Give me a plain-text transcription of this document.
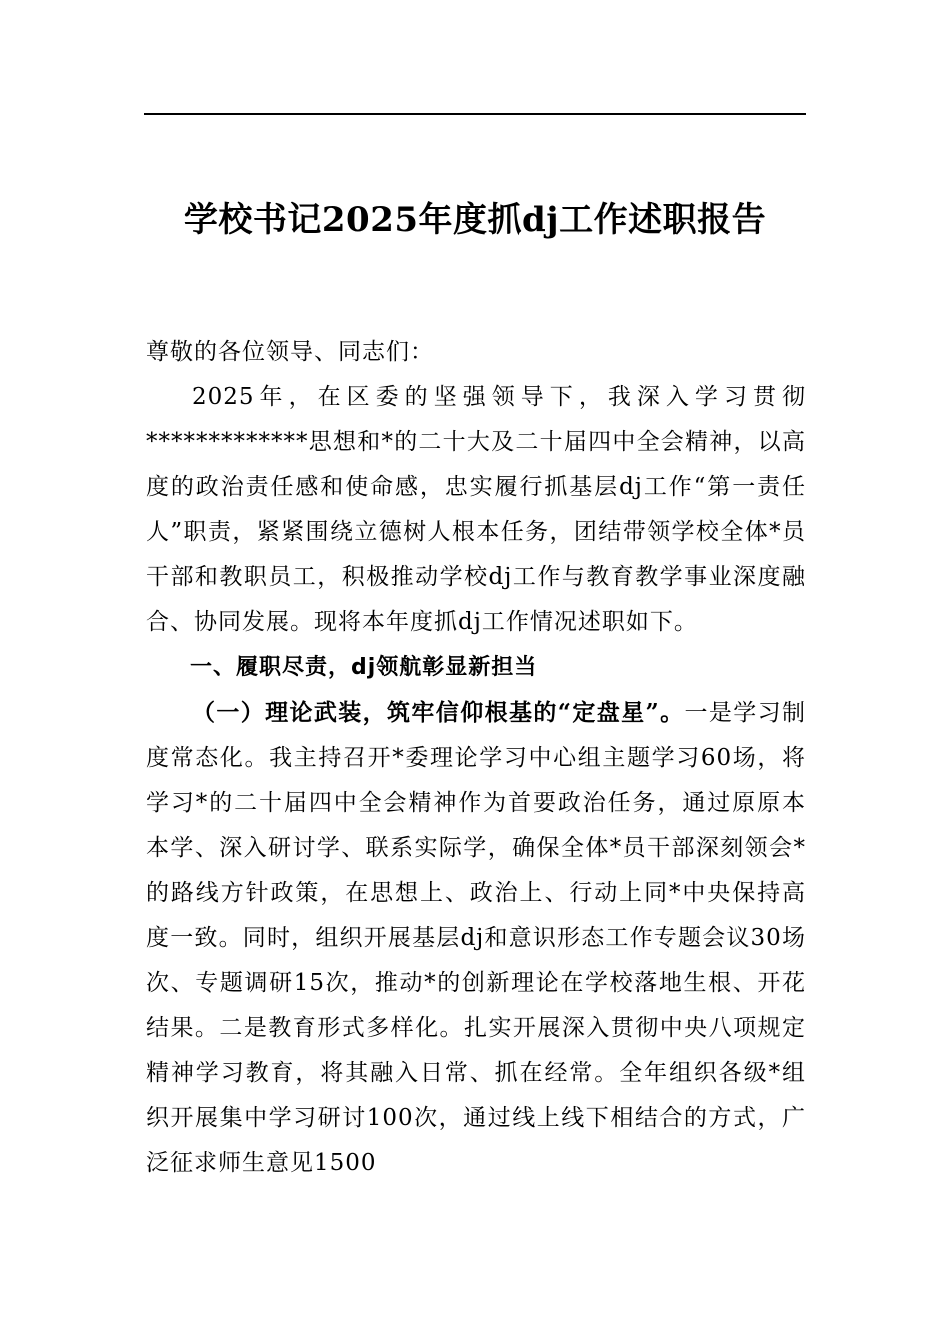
学校书记2025年度抓dj工作述职报告

尊敬的各位领导、同志们：

2025年，在区委的坚强领导下，我深入学习贯彻*************思想和*的二十大及二十届四中全会精神，以高度的政治责任感和使命感，忠实履行抓基层dj工作“第一责任人”职责，紧紧围绕立德树人根本任务，团结带领学校全体*员干部和教职员工，积极推动学校dj工作与教育教学事业深度融合、协同发展。现将本年度抓dj工作情况述职如下。

一、履职尽责，dj领航彰显新担当

（一）理论武装，筑牢信仰根基的“定盘星”。一是学习制度常态化。我主持召开*委理论学习中心组主题学习60场，将学习*的二十届四中全会精神作为首要政治任务，通过原原本本学、深入研讨学、联系实际学，确保全体*员干部深刻领会*的路线方针政策，在思想上、政治上、行动上同*中央保持高度一致。同时，组织开展基层dj和意识形态工作专题会议30场次、专题调研15次，推动*的创新理论在学校落地生根、开花结果。二是教育形式多样化。扎实开展深入贯彻中央八项规定精神学习教育，将其融入日常、抓在经常。全年组织各级*组织开展集中学习研讨100次，通过线上线下相结合的方式，广泛征求师生意见1500
